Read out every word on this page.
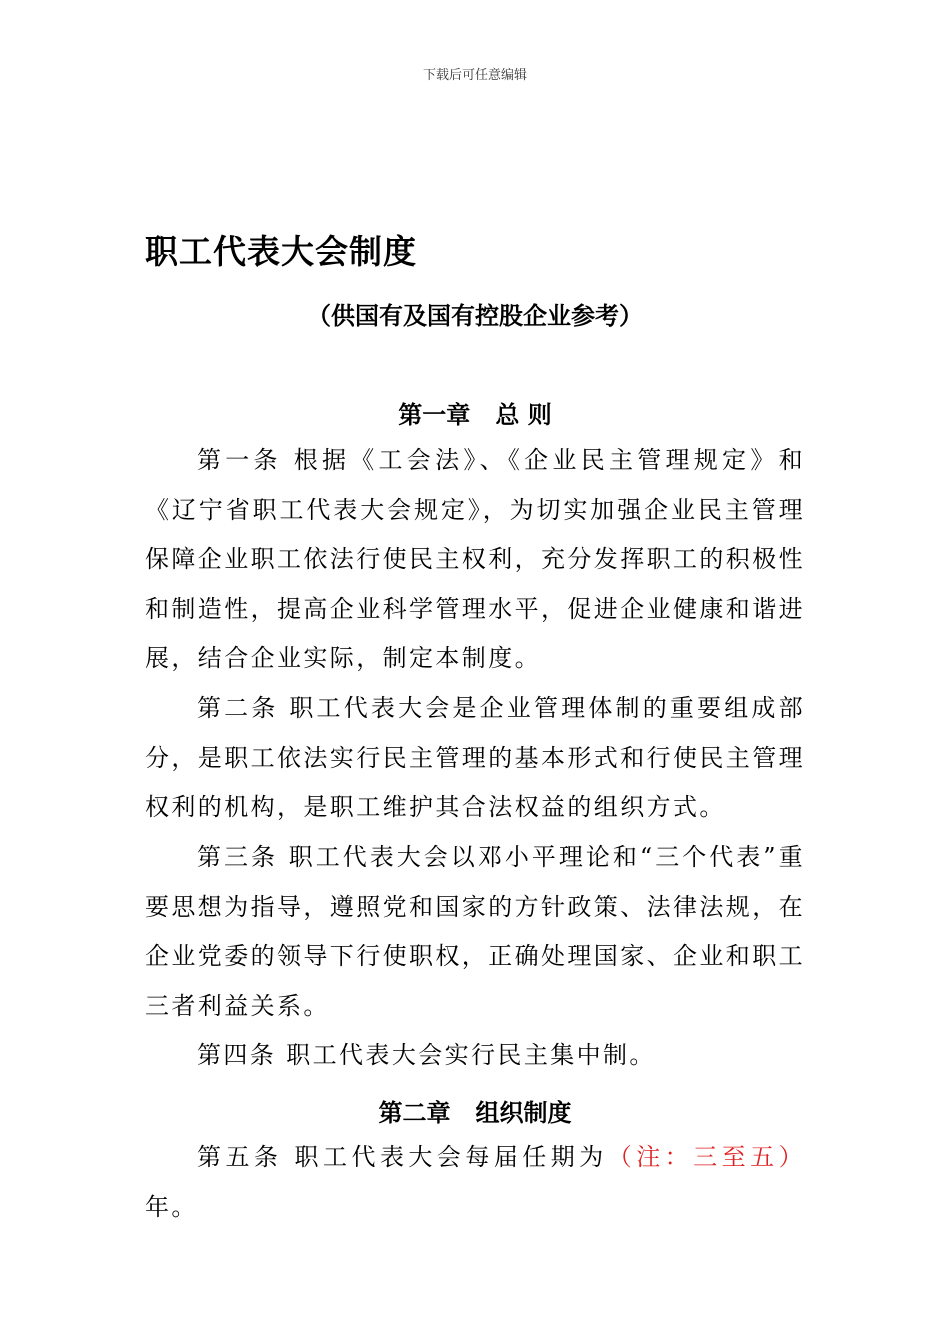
下载后可任意编辑
职工代表大会制度
（供国有及国有控股企业参考）
第一章   总 则

第一条 根据《工会法》、《企业民主管理规定》和《辽宁省职工代表大会规定》，为切实加强企业民主管理保障企业职工依法行使民主权利，充分发挥职工的积极性和制造性，提高企业科学管理水平，促进企业健康和谐进展，结合企业实际，制定本制度。

第二条 职工代表大会是企业管理体制的重要组成部分，是职工依法实行民主管理的基本形式和行使民主管理权利的机构，是职工维护其合法权益的组织方式。

第三条 职工代表大会以邓小平理论和“三个代表”重要思想为指导，遵照党和国家的方针政策、法律法规，在企业党委的领导下行使职权，正确处理国家、企业和职工三者利益关系。

第四条 职工代表大会实行民主集中制。

第二章   组织制度

第五条 职工代表大会每届任期为（注：三至五）年。
